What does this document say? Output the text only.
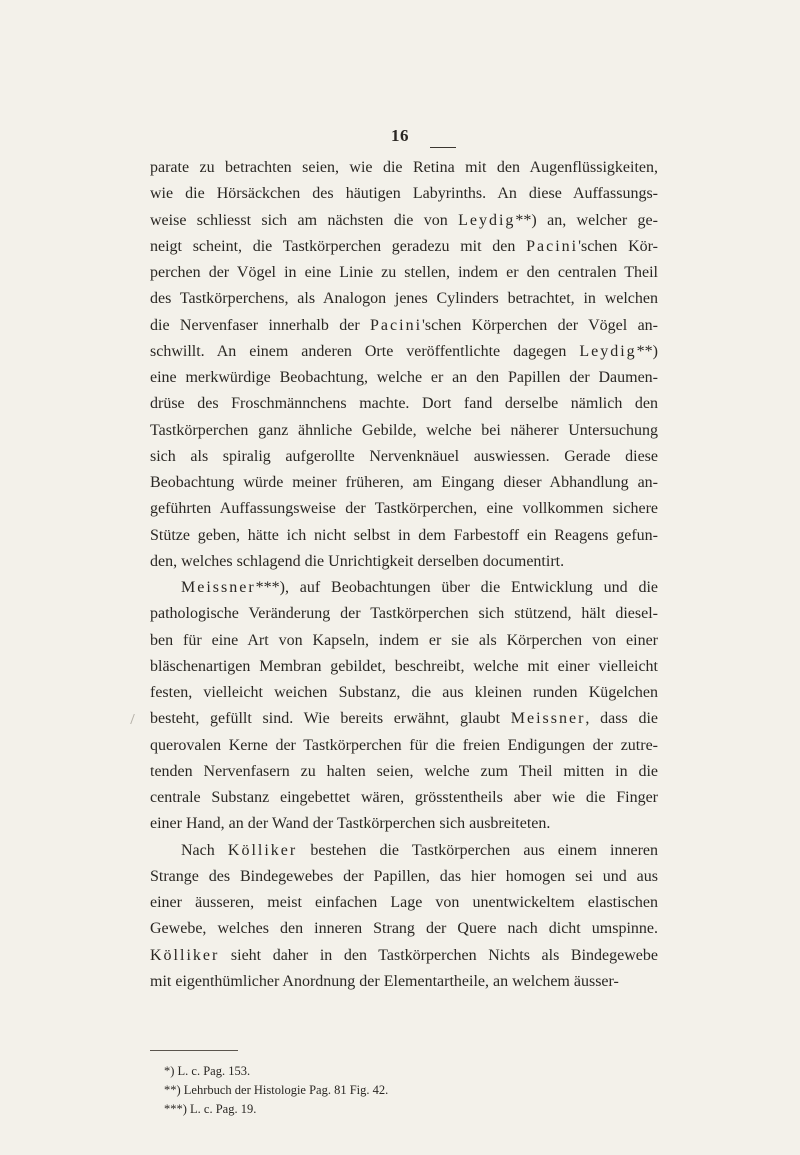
16
parate zu betrachten seien, wie die Retina mit den Augenflüssigkeiten,
wie die Hörsäckchen des häutigen Labyrinths. An diese Auffassungs-
weise schliesst sich am nächsten die von Leydig**) an, welcher ge-
neigt scheint, die Tastkörperchen geradezu mit den Pacini'schen Kör-
perchen der Vögel in eine Linie zu stellen, indem er den centralen Theil
des Tastkörperchens, als Analogon jenes Cylinders betrachtet, in welchen
die Nervenfaser innerhalb der Pacini'schen Körperchen der Vögel an-
schwillt. An einem anderen Orte veröffentlichte dagegen Leydig**)
eine merkwürdige Beobachtung, welche er an den Papillen der Daumen-
drüse des Froschmännchens machte. Dort fand derselbe nämlich den
Tastkörperchen ganz ähnliche Gebilde, welche bei näherer Untersuchung
sich als spiralig aufgerollte Nervenknäuel auswiessen. Gerade diese
Beobachtung würde meiner früheren, am Eingang dieser Abhandlung an-
geführten Auffassungsweise der Tastkörperchen, eine vollkommen sichere
Stütze geben, hätte ich nicht selbst in dem Farbestoff ein Reagens gefun-
den, welches schlagend die Unrichtigkeit derselben documentirt.
Meissner***), auf Beobachtungen über die Entwicklung und die
pathologische Veränderung der Tastkörperchen sich stützend, hält diesel-
ben für eine Art von Kapseln, indem er sie als Körperchen von einer
bläschenartigen Membran gebildet, beschreibt, welche mit einer vielleicht
festen, vielleicht weichen Substanz, die aus kleinen runden Kügelchen
besteht, gefüllt sind. Wie bereits erwähnt, glaubt Meissner, dass die
querovalen Kerne der Tastkörperchen für die freien Endigungen der zutre-
tenden Nervenfasern zu halten seien, welche zum Theil mitten in die
centrale Substanz eingebettet wären, grösstentheils aber wie die Finger
einer Hand, an der Wand der Tastkörperchen sich ausbreiteten.
Nach Kölliker bestehen die Tastkörperchen aus einem inneren
Strange des Bindegewebes der Papillen, das hier homogen sei und aus
einer äusseren, meist einfachen Lage von unentwickeltem elastischen
Gewebe, welches den inneren Strang der Quere nach dicht umspinne.
Kölliker sieht daher in den Tastkörperchen Nichts als Bindegewebe
mit eigenthümlicher Anordnung der Elementartheile, an welchem äusser-
*) L. c. Pag. 153.
**) Lehrbuch der Histologie Pag. 81 Fig. 42.
***) L. c. Pag. 19.
